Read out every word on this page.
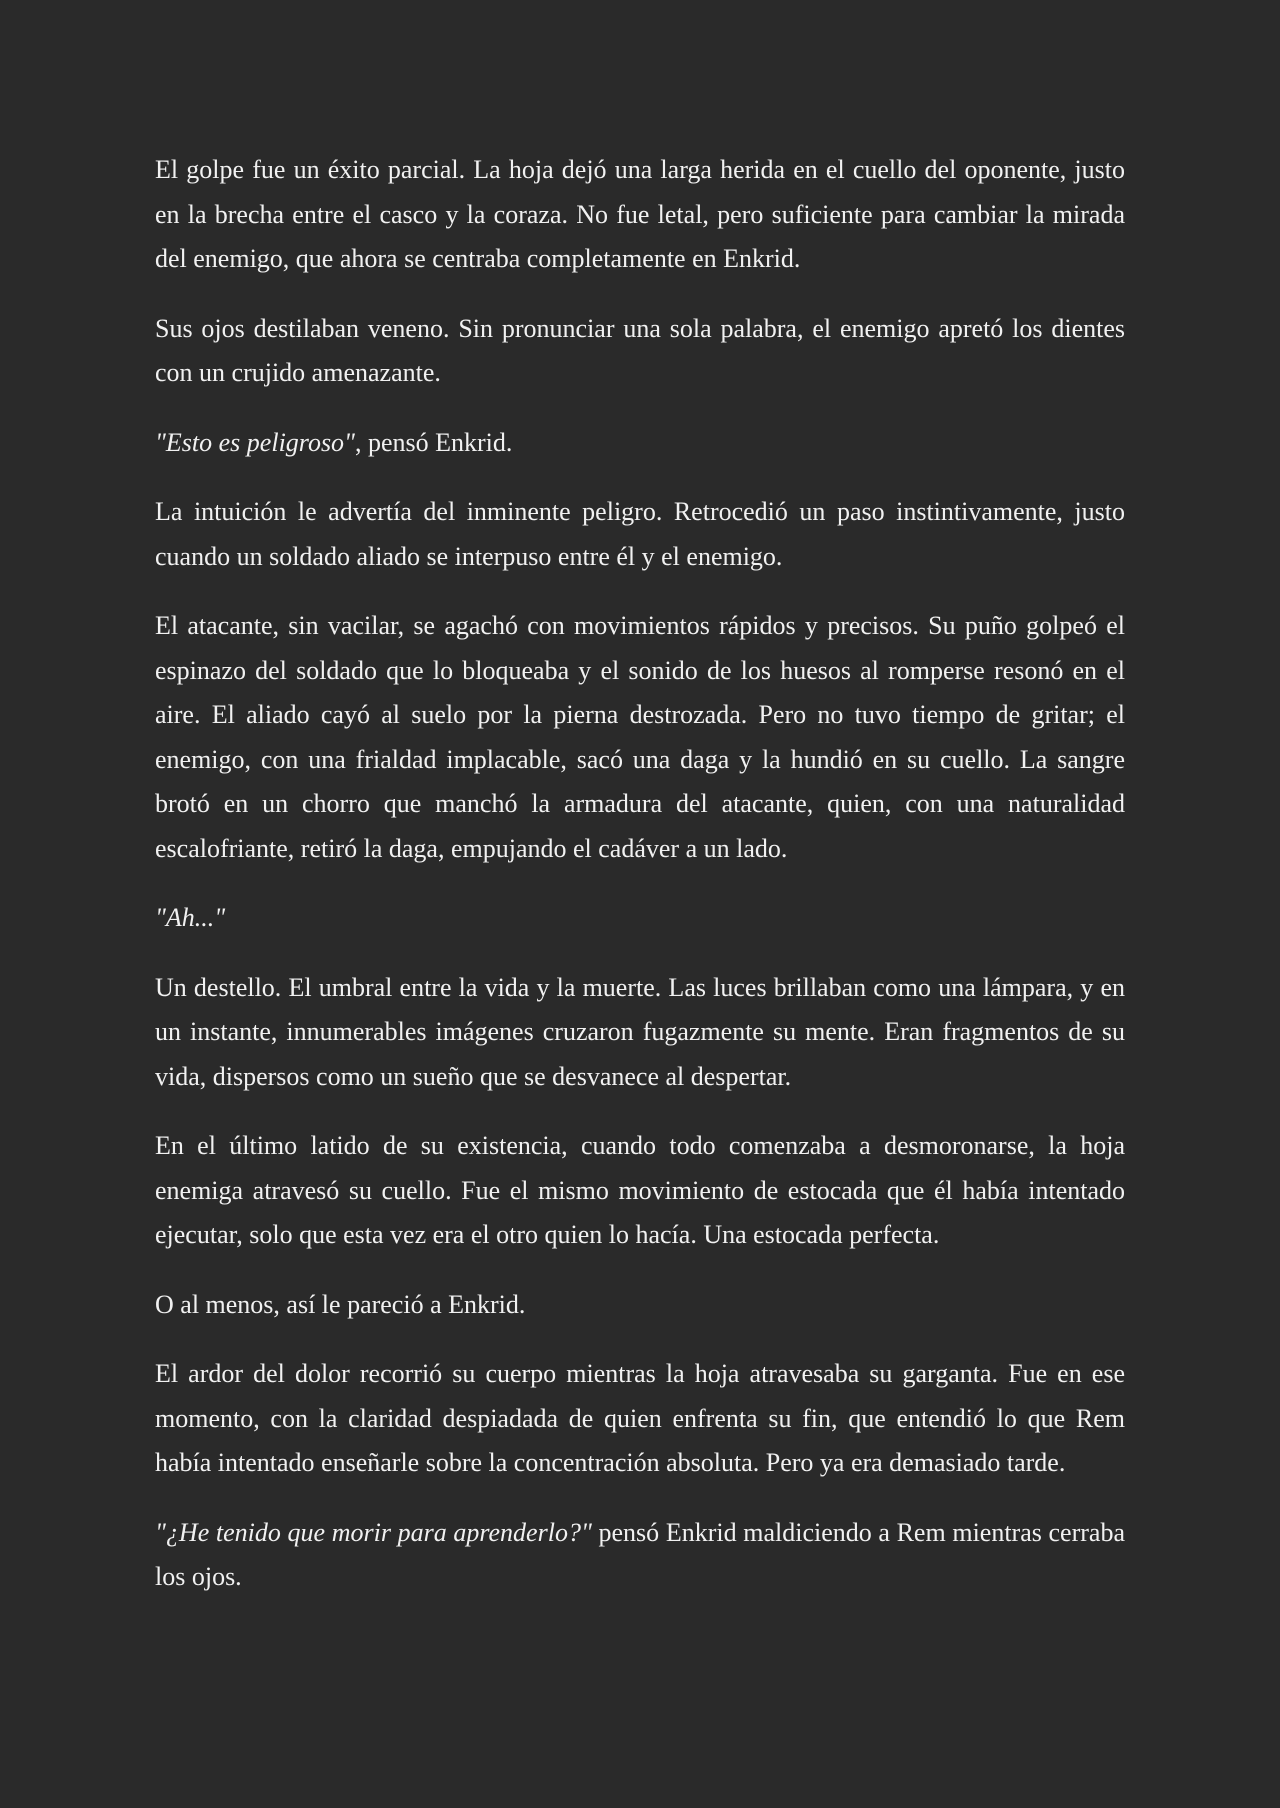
El golpe fue un éxito parcial. La hoja dejó una larga herida en el cuello del oponente, justo en la brecha entre el casco y la coraza. No fue letal, pero suficiente para cambiar la mirada del enemigo, que ahora se centraba completamente en Enkrid.

Sus ojos destilaban veneno. Sin pronunciar una sola palabra, el enemigo apretó los dientes con un crujido amenazante.

"Esto es peligroso", pensó Enkrid.

La intuición le advertía del inminente peligro. Retrocedió un paso instintivamente, justo cuando un soldado aliado se interpuso entre él y el enemigo.

El atacante, sin vacilar, se agachó con movimientos rápidos y precisos. Su puño golpeó el espinazo del soldado que lo bloqueaba y el sonido de los huesos al romperse resonó en el aire. El aliado cayó al suelo por la pierna destrozada. Pero no tuvo tiempo de gritar; el enemigo, con una frialdad implacable, sacó una daga y la hundió en su cuello. La sangre brotó en un chorro que manchó la armadura del atacante, quien, con una naturalidad escalofriante, retiró la daga, empujando el cadáver a un lado.

"Ah..."

Un destello. El umbral entre la vida y la muerte. Las luces brillaban como una lámpara, y en un instante, innumerables imágenes cruzaron fugazmente su mente. Eran fragmentos de su vida, dispersos como un sueño que se desvanece al despertar.

En el último latido de su existencia, cuando todo comenzaba a desmoronarse, la hoja enemiga atravesó su cuello. Fue el mismo movimiento de estocada que él había intentado ejecutar, solo que esta vez era el otro quien lo hacía. Una estocada perfecta.

O al menos, así le pareció a Enkrid.

El ardor del dolor recorrió su cuerpo mientras la hoja atravesaba su garganta. Fue en ese momento, con la claridad despiadada de quien enfrenta su fin, que entendió lo que Rem había intentado enseñarle sobre la concentración absoluta. Pero ya era demasiado tarde.

"¿He tenido que morir para aprenderlo?" pensó Enkrid maldiciendo a Rem mientras cerraba los ojos.
